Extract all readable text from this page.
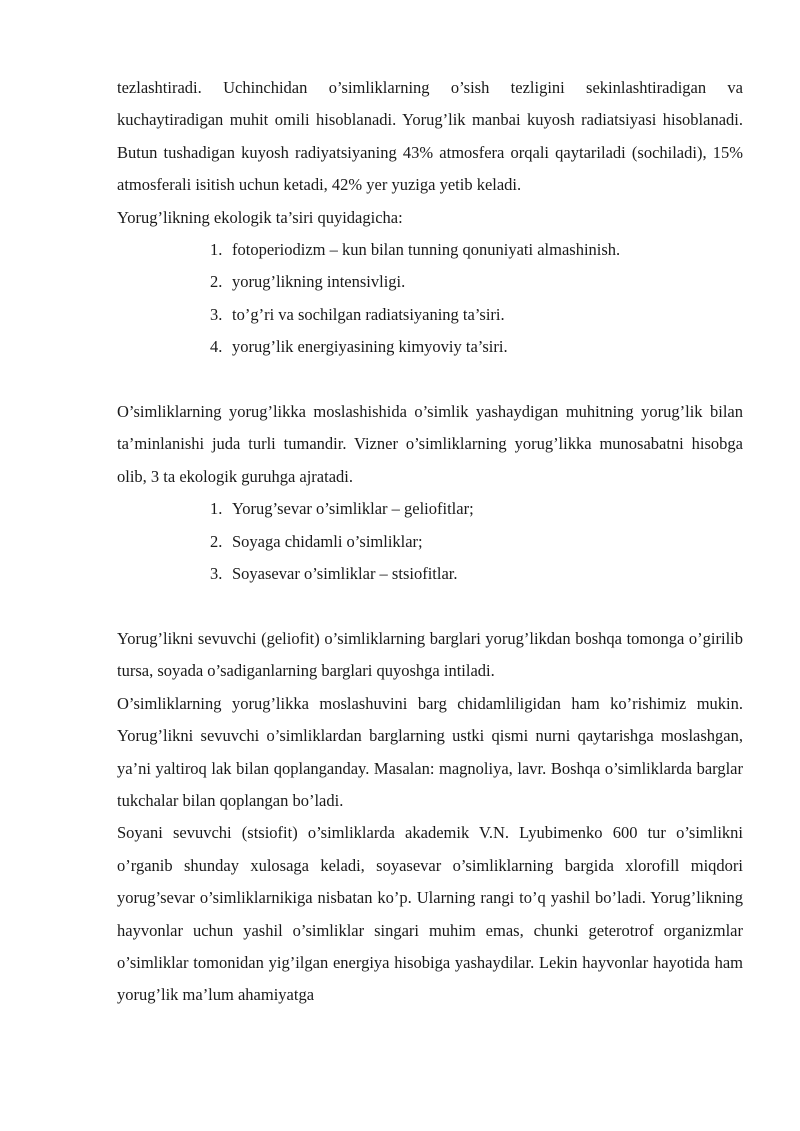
tezlashtiradi. Uchinchidan o’simliklarning o’sish tezligini sekinlashtiradigan va kuchaytiradigan muhit omili hisoblanadi. Yorug’lik manbai kuyosh radiatsiyasi hisoblanadi. Butun tushadigan kuyosh radiyatsiyaning 43% atmosfera orqali qaytariladi (sochiladi), 15% atmosferali isitish uchun ketadi, 42% yer yuziga yetib keladi.

Yorug’likning ekologik ta’siri quyidagicha:

1. fotoperiodizm – kun bilan tunning qonuniyati almashinish.
2. yorug’likning intensivligi.
3. to’g’ri va sochilgan radiatsiyaning ta’siri.
4. yorug’lik energiyasining kimyoviy ta’siri.

O’simliklarning yorug’likka moslashishida o’simlik yashaydigan muhitning yorug’lik bilan ta’minlanishi juda turli tumandir. Vizner o’simliklarning yorug’likka munosabatni hisobga olib, 3 ta ekologik guruhga ajratadi.

1. Yorug’sevar o’simliklar – geliofitlar;
2. Soyaga chidamli o’simliklar;
3. Soyasevar o’simliklar – stsiofitlar.

Yorug’likni sevuvchi (geliofit) o’simliklarning barglari yorug’likdan boshqa tomonga o’girilib tursa, soyada o’sadiganlarning barglari quyoshga intiladi.

O’simliklarning yorug’likka moslashuvini barg chidamliligidan ham ko’rishimiz mukin. Yorug’likni sevuvchi o’simliklardan barglarning ustki qismi nurni qaytarishga moslashgan, ya’ni yaltiroq lak bilan qoplanganday. Masalan: magnoliya, lavr. Boshqa o’simliklarda barglar tukchalar bilan qoplangan bo’ladi.

Soyani sevuvchi (stsiofit) o’simliklarda akademik V.N. Lyubimenko 600 tur o’simlikni o’rganib shunday xulosaga keladi, soyasevar o’simliklarning bargida xlorofill miqdori yorug’sevar o’simliklarnikiga nisbatan ko’p. Ularning rangi to’q yashil bo’ladi. Yorug’likning hayvonlar uchun yashil o’simliklar singari muhim emas, chunki geterotrof organizmlar o’simliklar tomonidan yig’ilgan energiya hisobiga yashaydilar. Lekin hayvonlar hayotida ham yorug’lik ma’lum ahamiyatga
